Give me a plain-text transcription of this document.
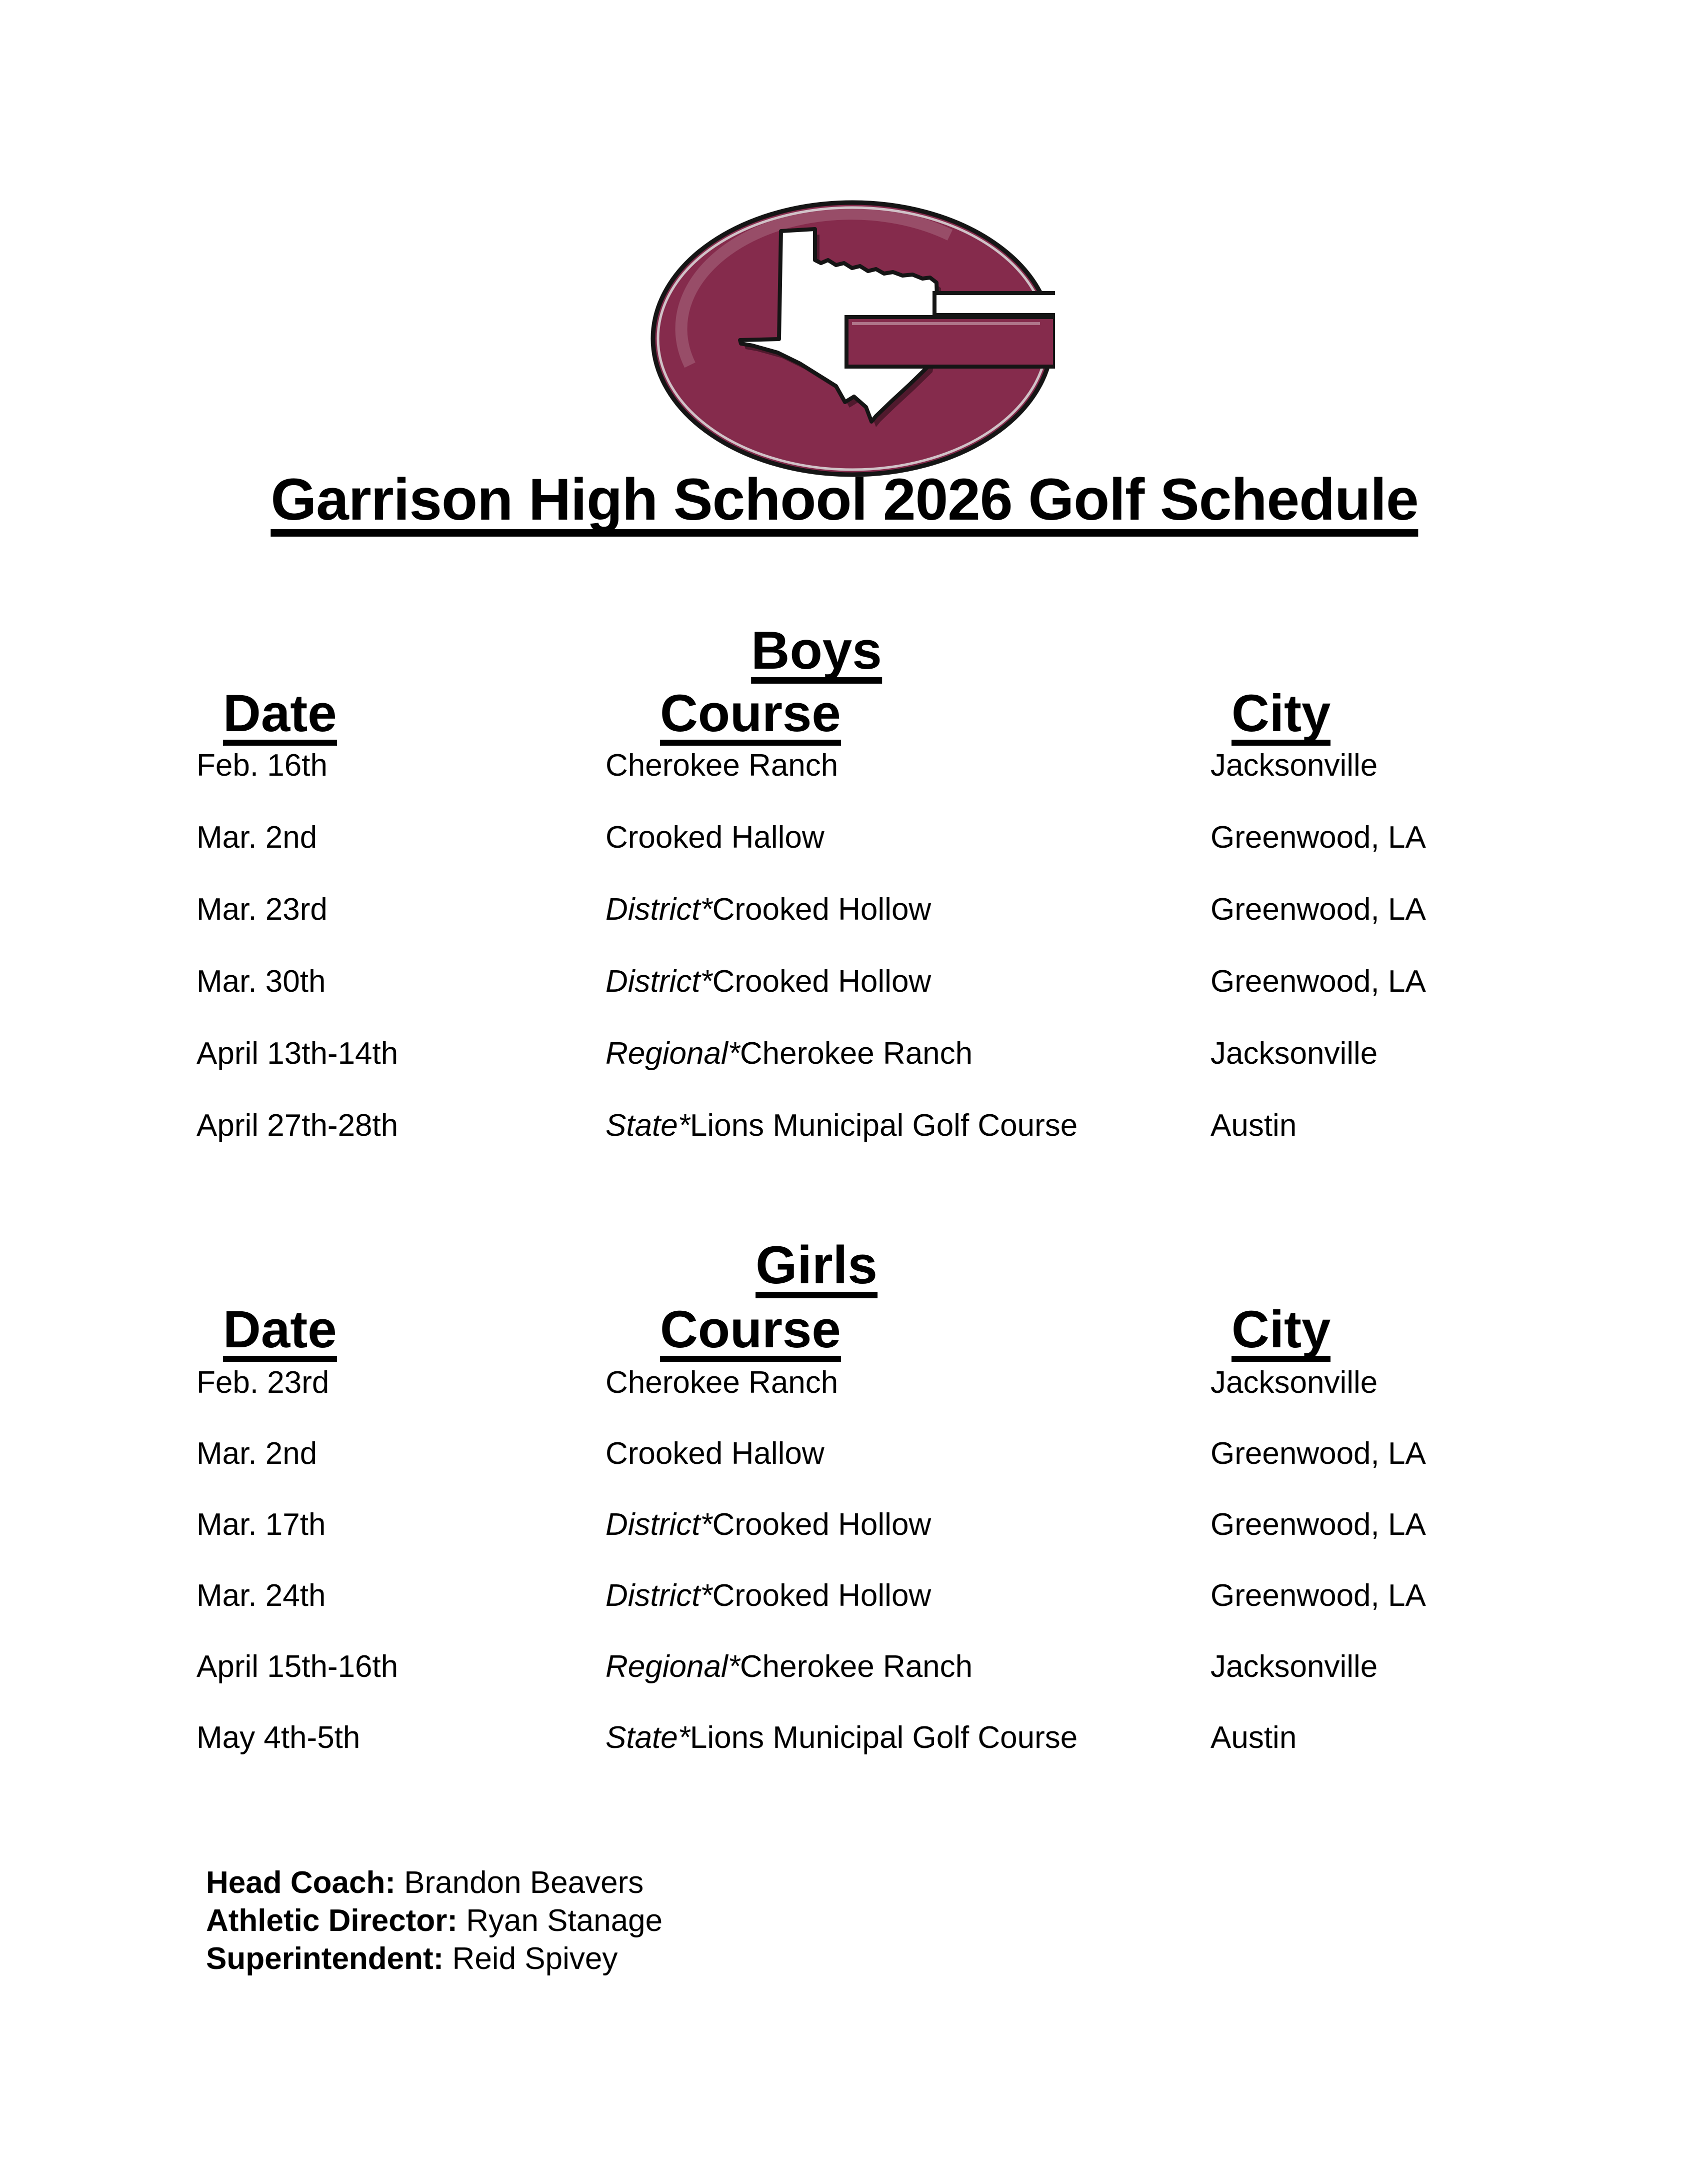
Garrison High School 2026 Golf Schedule
Boys
Date	Course	City
Feb. 16th	Cherokee Ranch	Jacksonville
Mar. 2nd	Crooked Hallow	Greenwood, LA
Mar. 23rd	District* Crooked Hollow	Greenwood, LA
Mar. 30th	District* Crooked Hollow	Greenwood, LA
April 13th-14th	Regional* Cherokee Ranch	Jacksonville
April 27th-28th	State* Lions Municipal Golf Course	Austin
Girls
Date	Course	City
Feb. 23rd	Cherokee Ranch	Jacksonville
Mar. 2nd	Crooked Hallow	Greenwood, LA
Mar. 17th	District* Crooked Hollow	Greenwood, LA
Mar. 24th	District* Crooked Hollow	Greenwood, LA
April 15th-16th	Regional* Cherokee Ranch	Jacksonville
May 4th-5th	State* Lions Municipal Golf Course	Austin
Head Coach: Brandon Beavers
Athletic Director: Ryan Stanage
Superintendent: Reid Spivey
